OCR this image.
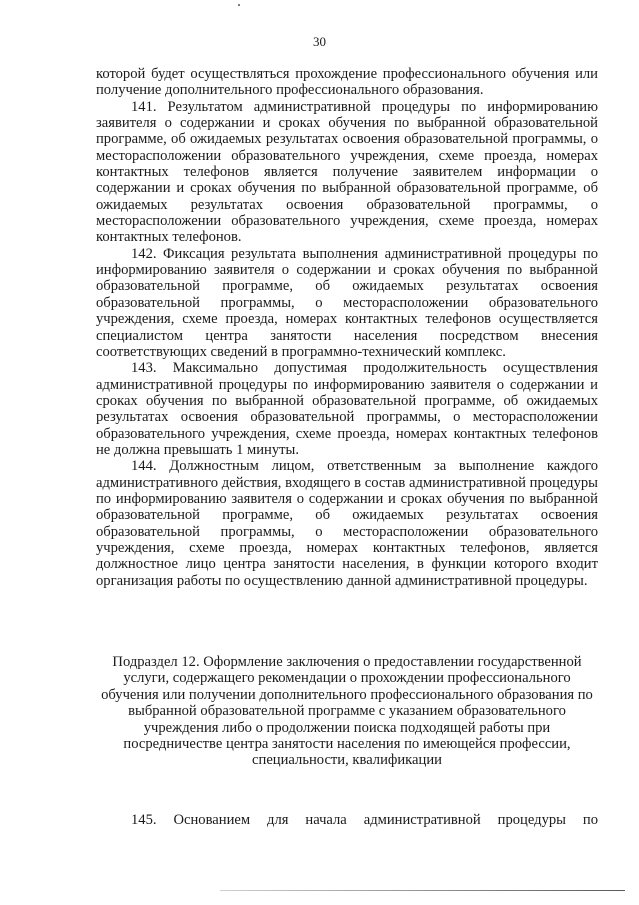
30

которой будет осуществляться прохождение профессионального обучения или получение дополнительного профессионального образования.

141. Результатом административной процедуры по информированию заявителя о содержании и сроках обучения по выбранной образовательной программе, об ожидаемых результатах освоения образовательной программы, о месторасположении образовательного учреждения, схеме проезда, номерах контактных телефонов является получение заявителем информации о содержании и сроках обучения по выбранной образовательной программе, об ожидаемых результатах освоения образовательной программы, о месторасположении образовательного учреждения, схеме проезда, номерах контактных телефонов.

142. Фиксация результата выполнения административной процедуры по информированию заявителя о содержании и сроках обучения по выбранной образовательной программе, об ожидаемых результатах освоения образовательной программы, о месторасположении образовательного учреждения, схеме проезда, номерах контактных телефонов осуществляется специалистом центра занятости населения посредством внесения соответствующих сведений в программно-технический комплекс.

143. Максимально допустимая продолжительность осуществления административной процедуры по информированию заявителя о содержании и сроках обучения по выбранной образовательной программе, об ожидаемых результатах освоения образовательной программы, о месторасположении образовательного учреждения, схеме проезда, номерах контактных телефонов не должна превышать 1 минуты.

144. Должностным лицом, ответственным за выполнение каждого административного действия, входящего в состав административной процедуры по информированию заявителя о содержании и сроках обучения по выбранной образовательной программе, об ожидаемых результатах освоения образовательной программы, о месторасположении образовательного учреждения, схеме проезда, номерах контактных телефонов, является должностное лицо центра занятости населения, в функции которого входит организация работы по осуществлению данной административной процедуры.

Подраздел 12. Оформление заключения о предоставлении государственной услуги, содержащего рекомендации о прохождении профессионального обучения или получении дополнительного профессионального образования по выбранной образовательной программе с указанием образовательного учреждения либо о продолжении поиска подходящей работы при посредничестве центра занятости населения по имеющейся профессии, специальности, квалификации

145. Основанием для начала административной процедуры по
